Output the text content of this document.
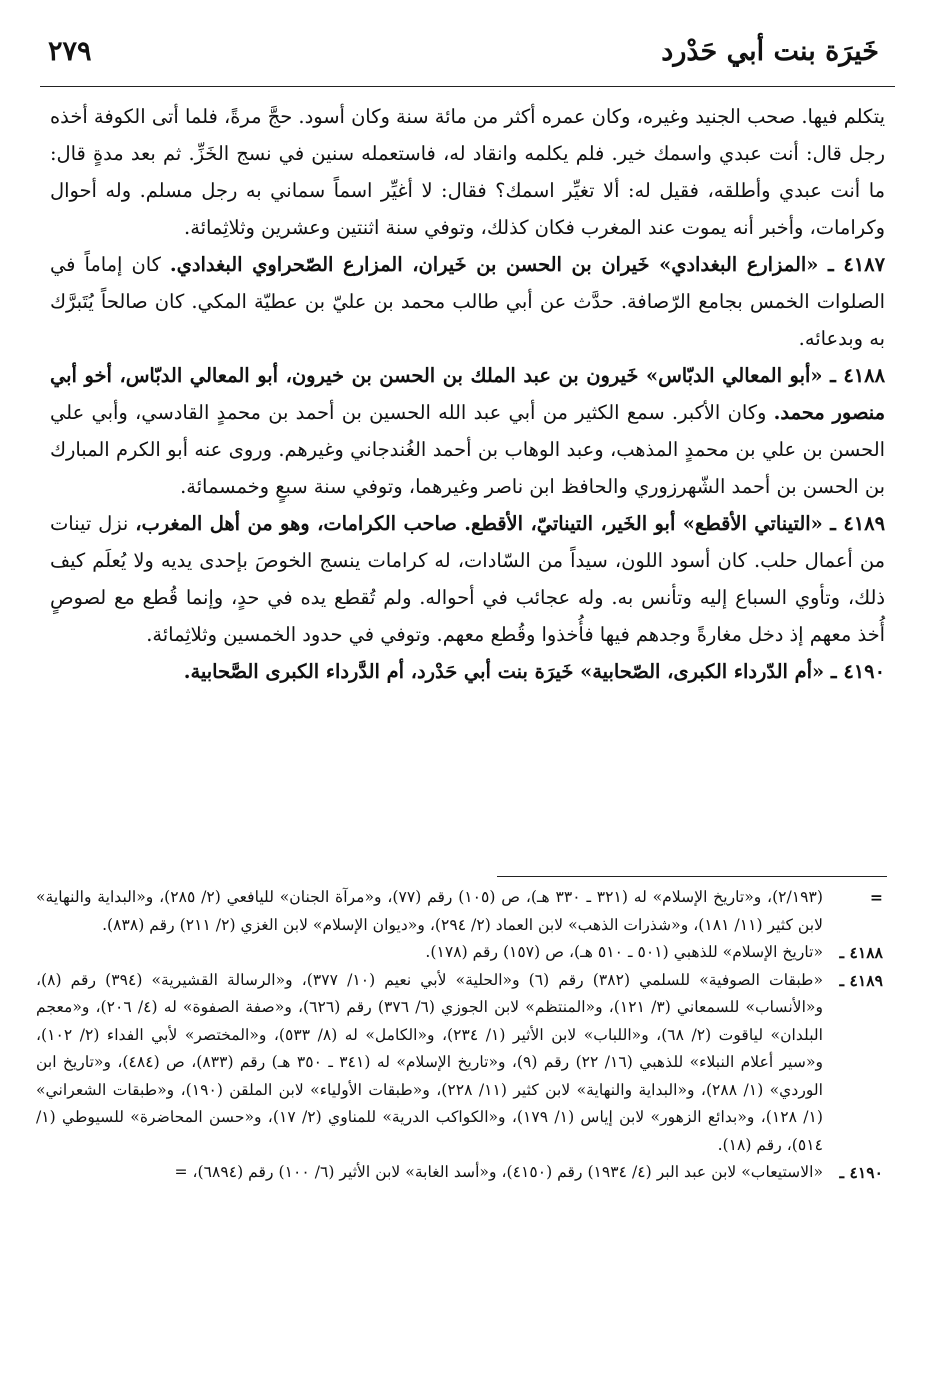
خَيرَة بنت أبي حَدْرد
٢٧٩

يتكلم فيها. صحب الجنيد وغيره، وكان عمره أكثر من مائة سنة وكان أسود. حجَّ مرةً، فلما أتى الكوفة أخذه رجل قال: أنت عبدي واسمك خير. فلم يكلمه وانقاد له، فاستعمله سنين في نسج الخَزِّ. ثم بعد مدةٍ قال: ما أنت عبدي وأطلقه، فقيل له: ألا تغيِّر اسمك؟ فقال: لا أغيِّر اسماً سماني به رجل مسلم. وله أحوال وكرامات، وأخبر أنه يموت عند المغرب فكان كذلك، وتوفي سنة اثنتين وعشرين وثلاثِمائة.

٤١٨٧ ـ «المزارع البغدادي» خَيران بن الحسن بن خَيران، المزارع الصّحراوي البغدادي. كان إماماً في الصلوات الخمس بجامع الرّصافة. حدَّث عن أبي طالب محمد بن عليّ بن عطيّة المكي. كان صالحاً يُتَبرَّك به وبدعائه.

٤١٨٨ ـ «أبو المعالي الدبّاس» خَيرون بن عبد الملك بن الحسن بن خيرون، أبو المعالي الدبّاس، أخو أبي منصور محمد. وكان الأكبر. سمع الكثير من أبي عبد الله الحسين بن أحمد بن محمدٍ القادسي، وأبي علي الحسن بن علي بن محمدٍ المذهب، وعبد الوهاب بن أحمد الغُندجاني وغيرهم. وروى عنه أبو الكرم المبارك بن الحسن بن أحمد الشّهرزوري والحافظ ابن ناصر وغيرهما، وتوفي سنة سبعٍ وخمسمائة.

٤١٨٩ ـ «التيناتي الأقطع» أبو الخَير، التيناتيّ، الأقطع. صاحب الكرامات، وهو من أهل المغرب، نزل تينات من أعمال حلب. كان أسود اللون، سيداً من السّادات، له كرامات ينسج الخوصَ بإحدى يديه ولا يُعلَم كيف ذلك، وتأوي السباع إليه وتأنس به. وله عجائب في أحواله. ولم تُقطع يده في حدٍ، وإنما قُطع مع لصوصٍ أُخذ معهم إذ دخل مغارةً وجدهم فيها فأُخذوا وقُطع معهم. وتوفي في حدود الخمسين وثلاثِمائة.

٤١٩٠ ـ «أم الدّرداء الكبرى، الصّحابية» خَيرَة بنت أبي حَدْرد، أم الدَّرداء الكبرى الصَّحابية.

=
(٢/١٩٣)، و«تاريخ الإسلام» له (٣٢١ ـ ٣٣٠ هـ)، ص (١٠٥) رقم (٧٧)، و«مرآة الجنان» لليافعي (٢/ ٢٨٥)، و«البداية والنهاية» لابن كثير (١١/ ١٨١)، و«شذرات الذهب» لابن العماد (٢/ ٢٩٤)، و«ديوان الإسلام» لابن الغزي (٢/ ٢١١) رقم (٨٣٨).
٤١٨٨ ـ
«تاريخ الإسلام» للذهبي (٥٠١ ـ ٥١٠ هـ)، ص (١٥٧) رقم (١٧٨).
٤١٨٩ ـ
«طبقات الصوفية» للسلمي (٣٨٢) رقم (٦) و«الحلية» لأبي نعيم (١٠/ ٣٧٧)، و«الرسالة القشيرية» (٣٩٤) رقم (٨)، و«الأنساب» للسمعاني (٣/ ١٢١)، و«المنتظم» لابن الجوزي (٦/ ٣٧٦) رقم (٦٢٦)، و«صفة الصفوة» له (٤/ ٢٠٦)، و«معجم البلدان» لياقوت (٢/ ٦٨)، و«اللباب» لابن الأثير (١/ ٢٣٤)، و«الكامل» له (٨/ ٥٣٣)، و«المختصر» لأبي الفداء (٢/ ١٠٢)، و«سير أعلام النبلاء» للذهبي (١٦/ ٢٢) رقم (٩)، و«تاريخ الإسلام» له (٣٤١ ـ ٣٥٠ هـ) رقم (٨٣٣)، ص (٤٨٤)، و«تاريخ ابن الوردي» (١/ ٢٨٨)، و«البداية والنهاية» لابن كثير (١١/ ٢٢٨)، و«طبقات الأولياء» لابن الملقن (١٩٠)، و«طبقات الشعراني» (١/ ١٢٨)، و«بدائع الزهور» لابن إياس (١/ ١٧٩)، و«الكواكب الدرية» للمناوي (٢/ ١٧)، و«حسن المحاضرة» للسيوطي (١/ ٥١٤)، رقم (١٨).
٤١٩٠ ـ
«الاستيعاب» لابن عبد البر (٤/ ١٩٣٤) رقم (٤١٥٠)، و«أسد الغابة» لابن الأثير (٦/ ١٠٠) رقم (٦٨٩٤)، =
